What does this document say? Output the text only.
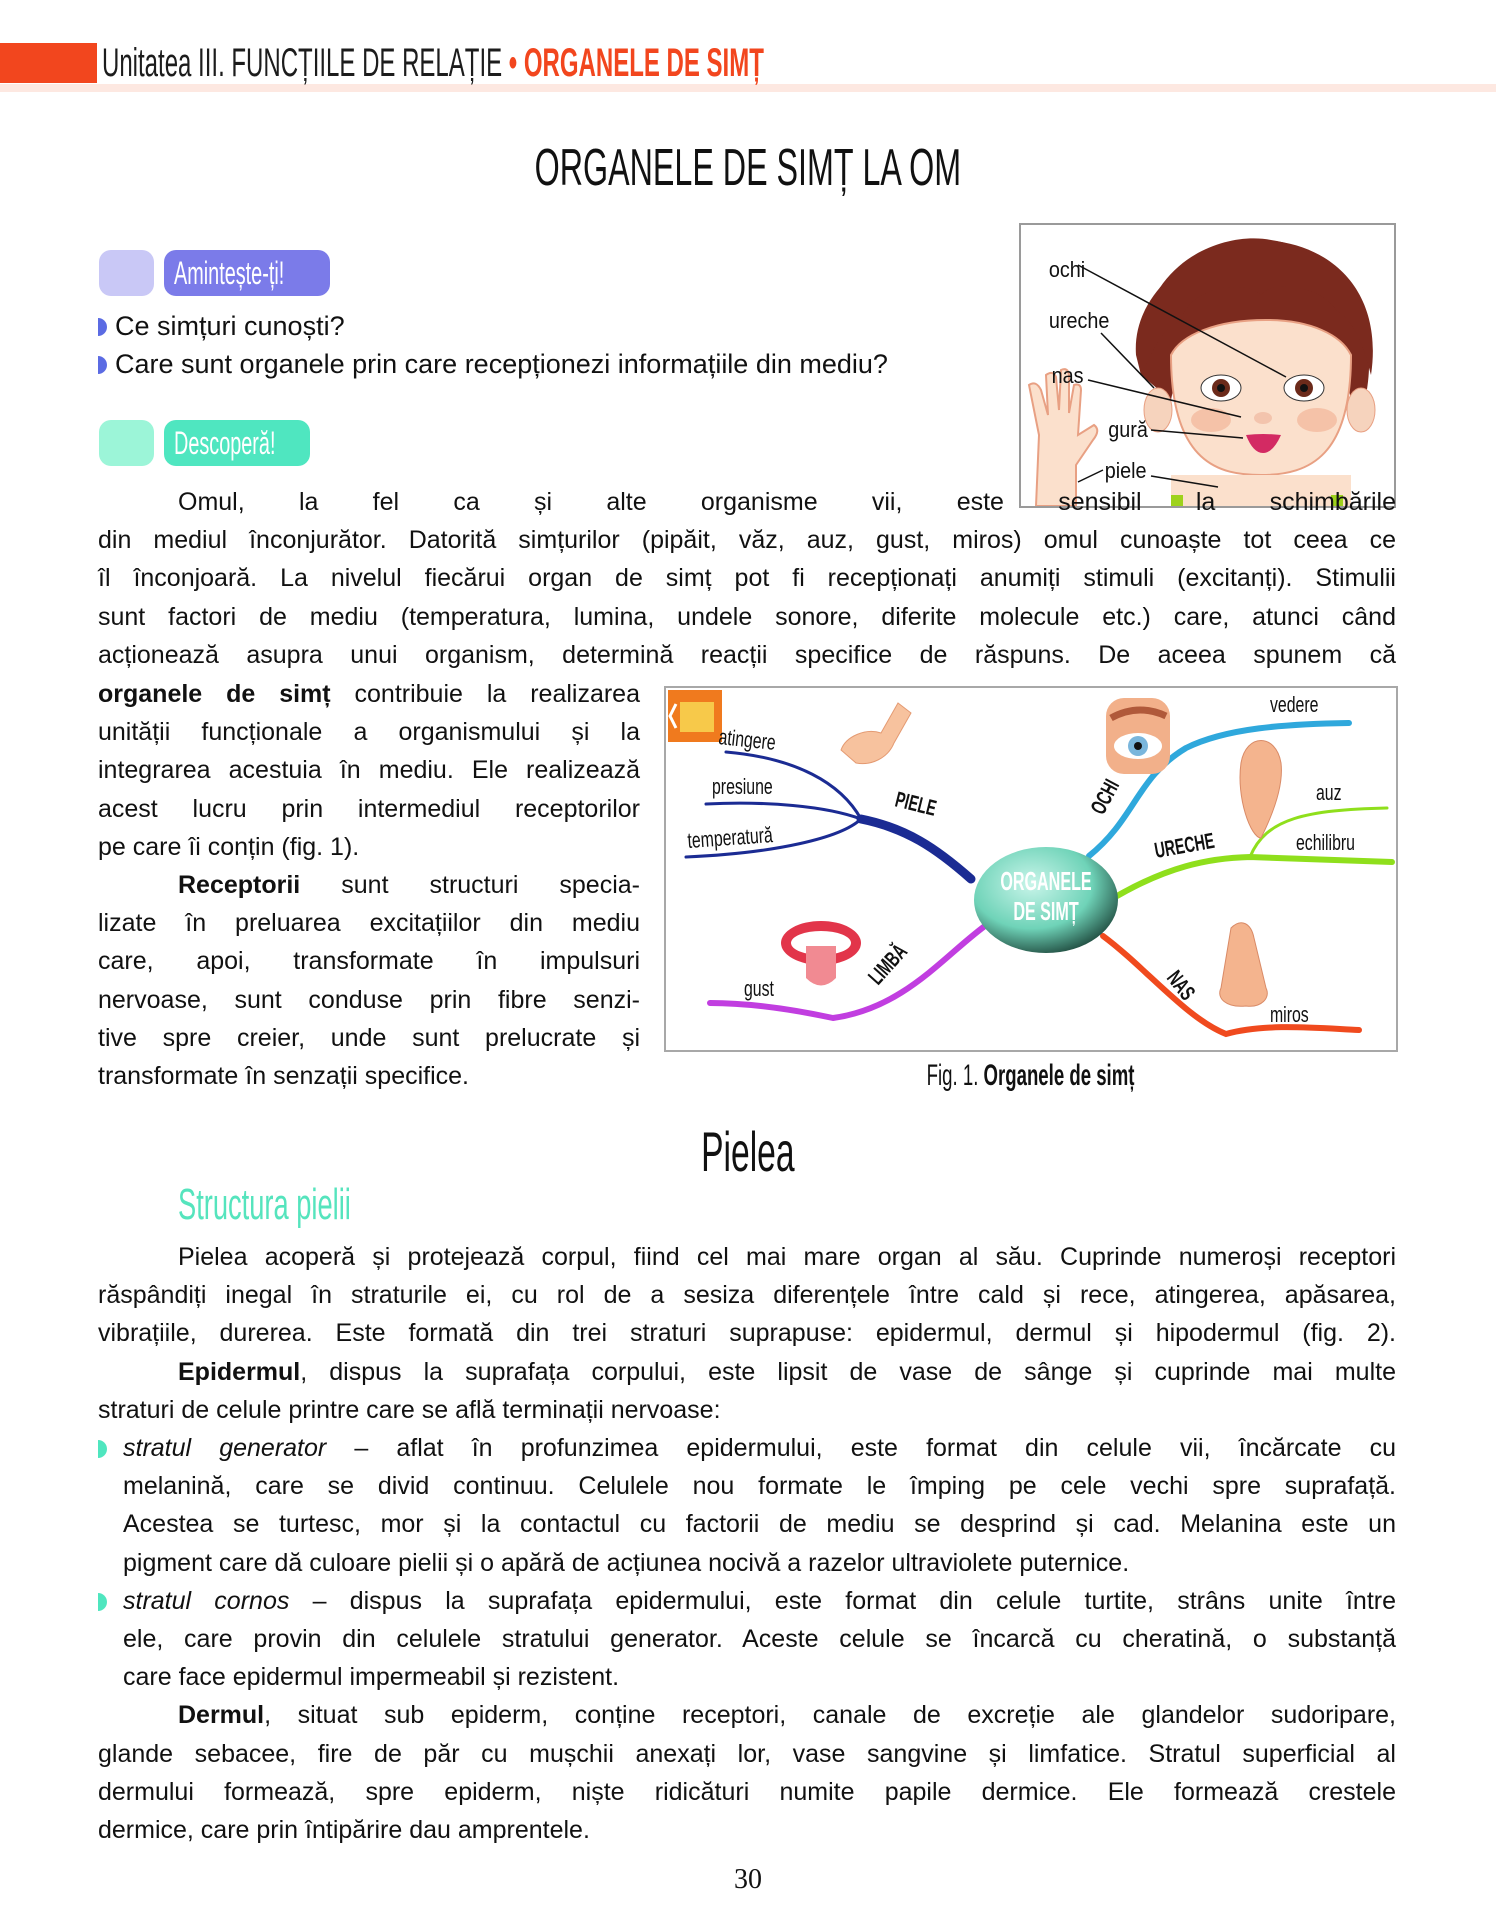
Unitatea III. FUNCȚIILE DE RELAȚIE • ORGANELE DE SIMȚ
ORGANELE DE SIMȚ LA OM
Amintește-ți!
Ce simțuri cunoști?
Care sunt organele prin care recepționezi informațiile din mediu?
Descoperă!
ochi
ureche
nas
gură
piele
Omul, la fel ca și alte organisme vii, este sensibil la schimbările
din mediul înconjurător. Datorită simțurilor (pipăit, văz, auz, gust, miros) omul cunoaște tot ceea ce
îl înconjoară. La nivelul fiecărui organ de simț pot fi recepționați anumiți stimuli (excitanți). Stimulii
sunt factori de mediu (temperatura, lumina, undele sonore, diferite molecule etc.) care, atunci când
acționează asupra unui organism, determină reacții specifice de răspuns. De aceea spunem că
organele de simț contribuie la realizarea
unității funcționale a organismului și la
integrarea acestuia în mediu. Ele realizează
acest lucru prin intermediul receptorilor
pe care îi conțin (fig. 1).
Receptorii sunt structuri specia-
lizate în preluarea excitațiilor din mediu
care, apoi, transformate în impulsuri
nervoase, sunt conduse prin fibre senzi-
tive spre creier, unde sunt prelucrate și
transformate în senzații specifice.
ORGANELE
DE SIMȚ
PIELE	OCHI
URECHE
NAS
LIMBĂ
atingere
presiune
temperatură
vedere
auz
echilibru
miros
gust
Fig. 1. Organele de simț
Pielea
Structura pielii
Pielea acoperă și protejează corpul, fiind cel mai mare organ al său. Cuprinde numeroși receptori
răspândiți inegal în straturile ei, cu rol de a sesiza diferențele între cald și rece, atingerea, apăsarea,
vibrațiile, durerea. Este formată din trei straturi suprapuse: epidermul, dermul și hipodermul (fig. 2).
Epidermul, dispus la suprafața corpului, este lipsit de vase de sânge și cuprinde mai multe
straturi de celule printre care se află terminații nervoase:
stratul generator – aflat în profunzimea epidermului, este format din celule vii, încărcate cu
melanină, care se divid continuu. Celulele nou formate le împing pe cele vechi spre suprafață.
Acestea se turtesc, mor și la contactul cu factorii de mediu se desprind și cad. Melanina este un
pigment care dă culoare pielii și o apără de acțiunea nocivă a razelor ultraviolete puternice.
stratul cornos – dispus la suprafața epidermului, este format din celule turtite, strâns unite între
ele, care provin din celulele stratului generator. Aceste celule se încarcă cu cheratină, o substanță
care face epidermul impermeabil și rezistent.
Dermul, situat sub epiderm, conține receptori, canale de excreție ale glandelor sudoripare,
glande sebacee, fire de păr cu mușchii anexați lor, vase sangvine și limfatice. Stratul superficial al
dermului formează, spre epiderm, niște ridicături numite papile dermice. Ele formează crestele
dermice, care prin întipărire dau amprentele.
30
